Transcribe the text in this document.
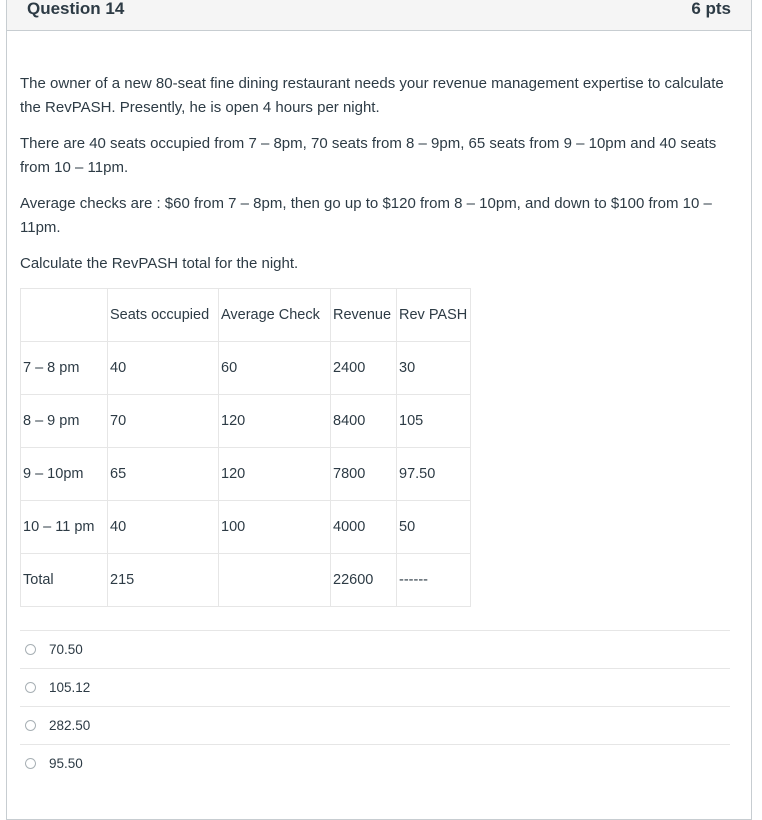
Question 14	6 pts

The owner of a new 80-seat fine dining restaurant needs your revenue management expertise to calculate the RevPASH. Presently, he is open 4 hours per night.

There are 40 seats occupied from 7 – 8pm, 70 seats from 8 – 9pm, 65 seats from 9 – 10pm and 40 seats from 10 – 11pm.

Average checks are : $60 from 7 – 8pm, then go up to $120 from 8 – 10pm, and down to $100 from 10 – 11pm.

Calculate the RevPASH total for the night.

	Seats occupied	Average Check	Revenue	Rev PASH
7 – 8 pm	40	60	2400	30
8 – 9 pm	70	120	8400	105
9 – 10pm	65	120	7800	97.50
10 – 11 pm	40	100	4000	50
Total	215		22600	------
70.50
105.12
282.50
95.50
